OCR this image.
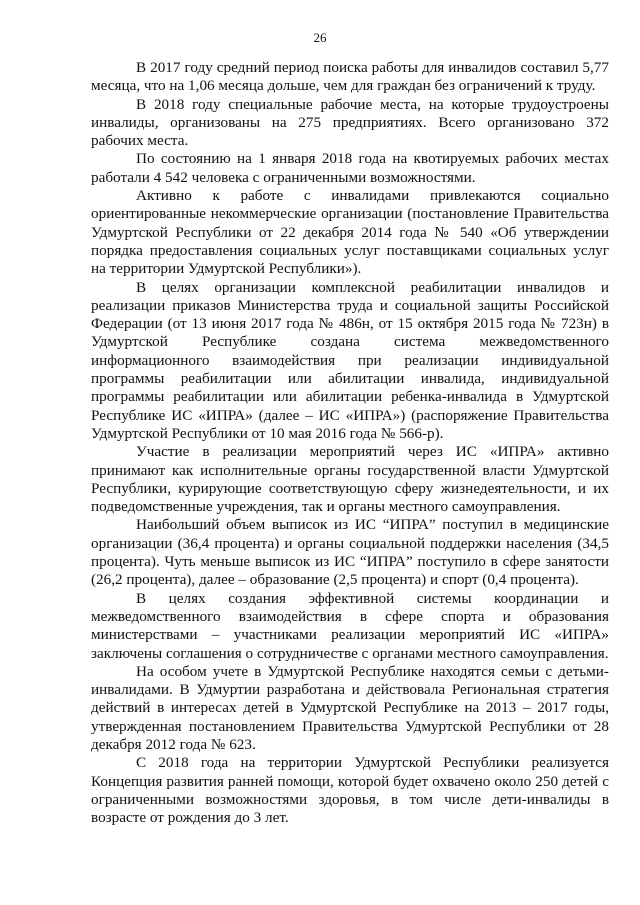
26

В 2017 году средний период поиска работы для инвалидов составил 5,77 месяца, что на 1,06 месяца дольше, чем для граждан без ограничений к труду.

В 2018 году специальные рабочие места, на которые трудоустроены инвалиды, организованы на 275 предприятиях. Всего организовано 372 рабочих места.

По состоянию на 1 января 2018 года на квотируемых рабочих местах работали 4 542 человека с ограниченными возможностями.

Активно к работе с инвалидами привлекаются социально ориентированные некоммерческие организации (постановление Правительства Удмуртской Республики от 22 декабря 2014 года № 540 «Об утверждении порядка предоставления социальных услуг поставщиками социальных услуг на территории Удмуртской Республики»).

В целях организации комплексной реабилитации инвалидов и реализации приказов Министерства труда и социальной защиты Российской Федерации (от 13 июня 2017 года № 486н, от 15 октября 2015 года № 723н) в Удмуртской Республике создана система межведомственного информационного взаимодействия при реализации индивидуальной программы реабилитации или абилитации инвалида, индивидуальной программы реабилитации или абилитации ребенка-инвалида в Удмуртской Республике ИС «ИПРА» (далее – ИС «ИПРА») (распоряжение Правительства Удмуртской Республики от 10 мая 2016 года № 566-р).

Участие в реализации мероприятий через ИС «ИПРА» активно принимают как исполнительные органы государственной власти Удмуртской Республики, курирующие соответствующую сферу жизнедеятельности, и их подведомственные учреждения, так и органы местного самоуправления.

Наибольший объем выписок из ИС “ИПРА” поступил в медицинские организации (36,4 процента) и органы социальной поддержки населения (34,5 процента). Чуть меньше выписок из ИС “ИПРА” поступило в сфере занятости (26,2 процента), далее – образование (2,5 процента) и спорт (0,4 процента).

В целях создания эффективной системы координации и межведомственного взаимодействия в сфере спорта и образования министерствами – участниками реализации мероприятий ИС «ИПРА» заключены соглашения о сотрудничестве с органами местного самоуправления.

На особом учете в Удмуртской Республике находятся семьи с детьми-инвалидами. В Удмуртии разработана и действовала Региональная стратегия действий в интересах детей в Удмуртской Республике на 2013 – 2017 годы, утвержденная постановлением Правительства Удмуртской Республики от 28 декабря 2012 года № 623.

С 2018 года на территории Удмуртской Республики реализуется Концепция развития ранней помощи, которой будет охвачено около 250 детей с ограниченными возможностями здоровья, в том числе дети-инвалиды в возрасте от рождения до 3 лет.
